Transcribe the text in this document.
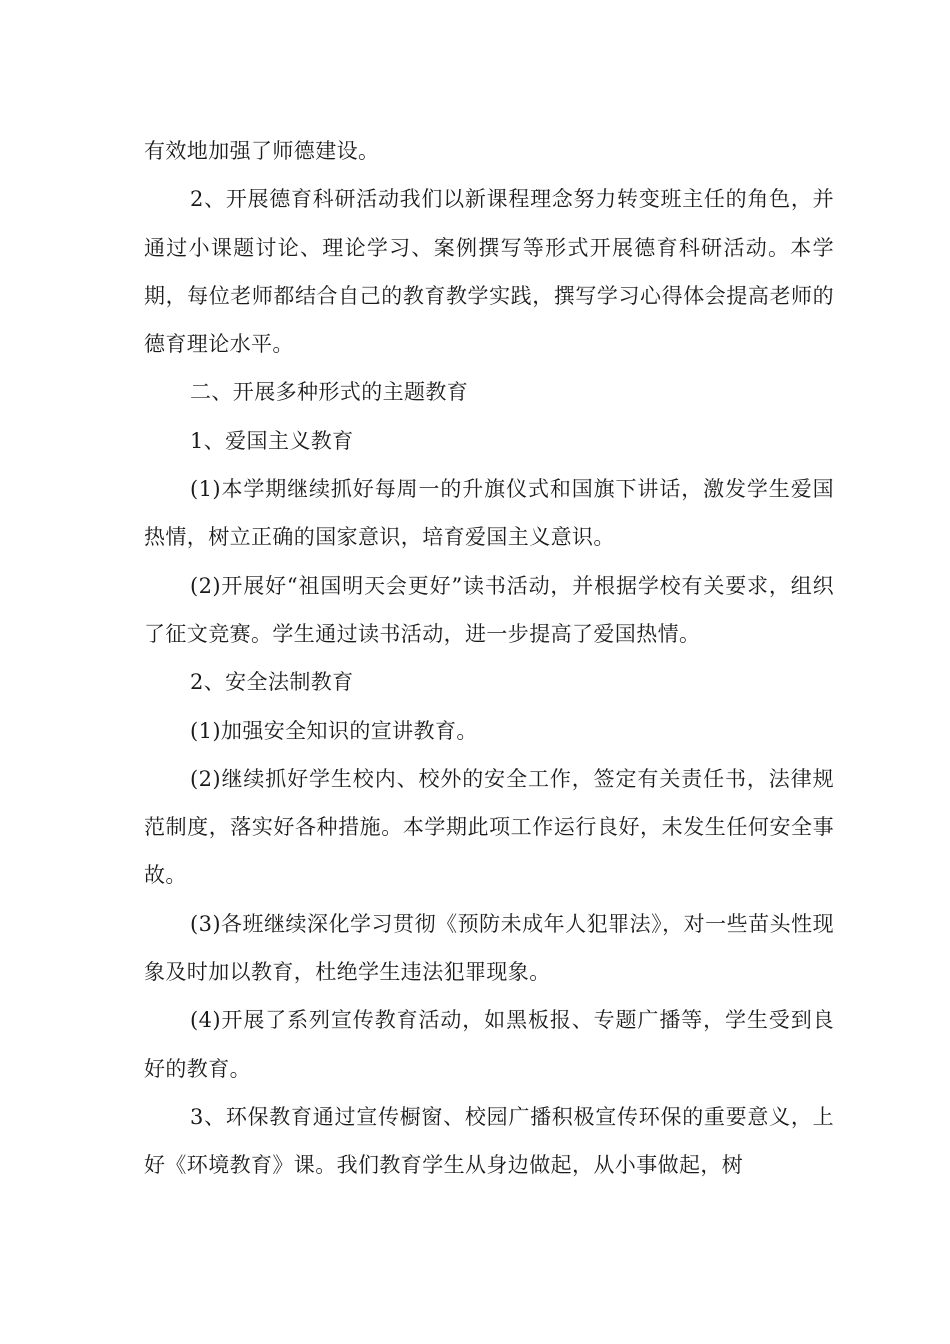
有效地加强了师德建设。

2、开展德育科研活动我们以新课程理念努力转变班主任的角色，并通过小课题讨论、理论学习、案例撰写等形式开展德育科研活动。本学期，每位老师都结合自己的教育教学实践，撰写学习心得体会提高老师的德育理论水平。

二、开展多种形式的主题教育

1、爱国主义教育

(1)本学期继续抓好每周一的升旗仪式和国旗下讲话，激发学生爱国热情，树立正确的国家意识，培育爱国主义意识。

(2)开展好“祖国明天会更好”读书活动，并根据学校有关要求，组织了征文竞赛。学生通过读书活动，进一步提高了爱国热情。

2、安全法制教育

(1)加强安全知识的宣讲教育。

(2)继续抓好学生校内、校外的安全工作，签定有关责任书，法律规范制度，落实好各种措施。本学期此项工作运行良好，未发生任何安全事故。

(3)各班继续深化学习贯彻《预防未成年人犯罪法》，对一些苗头性现象及时加以教育，杜绝学生违法犯罪现象。

(4)开展了系列宣传教育活动，如黑板报、专题广播等，学生受到良好的教育。

3、环保教育通过宣传橱窗、校园广播积极宣传环保的重要意义，上好《环境教育》课。我们教育学生从身边做起，从小事做起，树
